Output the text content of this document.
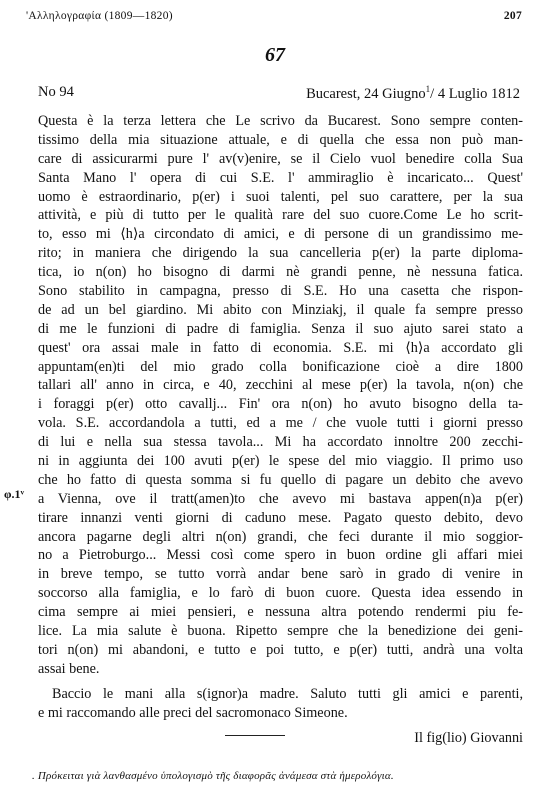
'Αλληλογραφία (1809—1820)	207
67
No 94	Bucarest, 24 Giugno$^1$/ 4 Luglio 1812
φ.1ᵛ
Questa è la terza lettera che Le scrivo da Bucarest. Sono sempre conten-
tissimo della mia situazione attuale, e di quella che essa non può man-
care di assicurarmi pure l' av(v)enire, se il Cielo vuol benedire colla Sua
Santa Mano l' opera di cui S.E. l' ammiraglio è incaricato... Quest'
uomo è estraordinario, p(er) i suoi talenti, pel suo carattere, per la sua
attività, e più di tutto per le qualità rare del suo cuore.Come Le ho scrit-
to, esso mi ⟨h⟩a circondato di amici, e di persone di un grandissimo me-
rito; in maniera che dirigendo la sua cancelleria p(er) la parte diploma-
tica, io n(on) ho bisogno di darmi nè grandi penne, nè nessuna fatica.
Sono stabilito in campagna, presso di S.E. Ho una casetta che rispon-
de ad un bel giardino. Mi abito con Minziakj, il quale fa sempre presso
di me le funzioni di padre di famiglia. Senza il suo ajuto sarei stato a
quest' ora assai male in fatto di economia. S.E. mi ⟨h⟩a accordato gli
appuntam(en)ti del mio grado colla bonificazione cioè a dire 1800
tallari all' anno in circa, e 40, zecchini al mese p(er) la tavola, n(on) che
i foraggi p(er) otto cavallj... Fin' ora n(on) ho avuto bisogno della ta-
vola. S.E. accordandola a tutti, ed a me / che vuole tutti i giorni presso
di lui e nella sua stessa tavola... Mi ha accordato innoltre 200 zecchi-
ni in aggiunta dei 100 avuti p(er) le spese del mio viaggio. Il primo uso
che ho fatto di questa somma si fu quello di pagare un debito che avevo
a Vienna, ove il tratt(amen)to che avevo mi bastava appen(n)a p(er)
tirare innanzi venti giorni di caduno mese. Pagato questo debito, devo
ancora pagarne degli altri n(on) grandi, che feci durante il mio soggior-
no a Pietroburgo... Messi così come spero in buon ordine gli affari miei
in breve tempo, se tutto vorrà andar bene sarò in grado di venire in
soccorso alla famiglia, e lo farò di buon cuore. Questa idea essendo in
cima sempre ai miei pensieri, e nessuna altra potendo rendermi piu fe-
lice. La mia salute è buona. Ripetto sempre che la benedizione dei geni-
tori n(on) mi abandoni, e tutto e poi tutto, e p(er) tutti, andrà una volta
assai bene.
Baccio le mani alla s(ignor)a madre. Saluto tutti gli amici e parenti,
e mi raccomando alle preci del sacromonaco Simeone.
Il fig(lio) Giovanni
. Πρόκειται γιὰ λανθασμένο ὑπολογισμὸ τῆς διαφορᾶς ἀνάμεσα στὰ ἡμερολόγια.
